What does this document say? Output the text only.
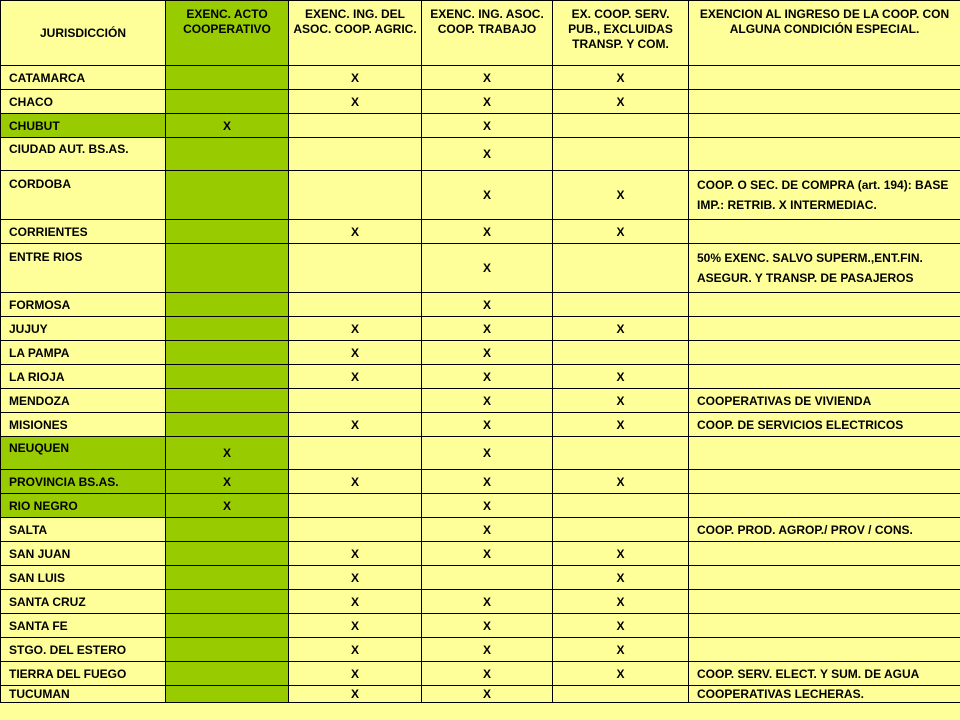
JURISDICCIÓN	EXENC. ACTO COOPERATIVO	EXENC. ING. DEL ASOC. COOP. AGRIC.	EXENC. ING. ASOC. COOP. TRABAJO	EX. COOP. SERV. PUB., EXCLUIDAS TRANSP. Y COM.	EXENCION AL INGRESO DE LA COOP. CON ALGUNA CONDICIÓN ESPECIAL.
CATAMARCA		X	X	X	
CHACO		X	X	X	
CHUBUT	X		X		
CIUDAD AUT. BS.AS.			X		
CORDOBA			X	X	COOP. O SEC. DE COMPRA (art. 194): BASE IMP.: RETRIB. X INTERMEDIAC.
CORRIENTES		X	X	X	
ENTRE RIOS			X		50% EXENC. SALVO SUPERM.,ENT.FIN. ASEGUR. Y TRANSP. DE PASAJEROS
FORMOSA			X		
JUJUY		X	X	X	
LA PAMPA		X	X		
LA RIOJA		X	X	X	
MENDOZA			X	X	COOPERATIVAS DE VIVIENDA
MISIONES		X	X	X	COOP. DE SERVICIOS ELECTRICOS
NEUQUEN	X		X		
PROVINCIA BS.AS.	X	X	X	X	
RIO NEGRO	X		X		
SALTA			X		COOP. PROD. AGROP./ PROV / CONS.
SAN JUAN		X	X	X	
SAN LUIS		X		X	
SANTA CRUZ		X	X	X	
SANTA FE		X	X	X	
STGO. DEL ESTERO		X	X	X	
TIERRA DEL FUEGO		X	X	X	COOP. SERV. ELECT. Y SUM. DE AGUA
TUCUMAN		X	X		COOPERATIVAS LECHERAS.
